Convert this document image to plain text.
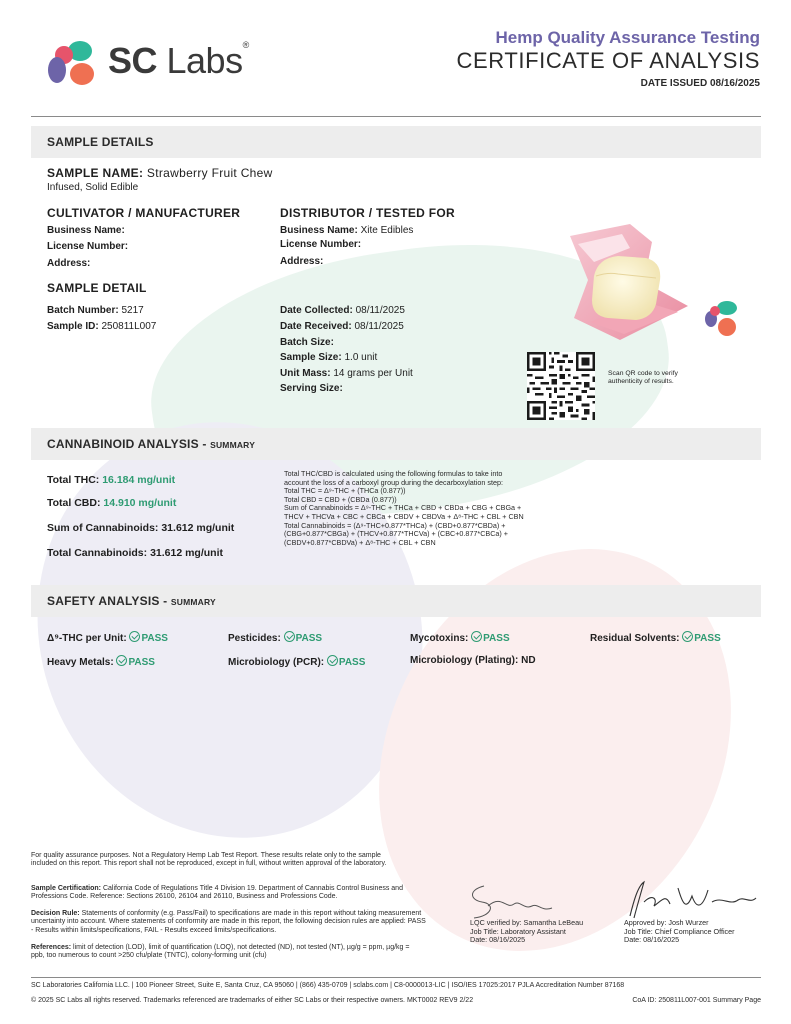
SC Labs®	Hemp Quality Assurance Testing
CERTIFICATE OF ANALYSIS
DATE ISSUED 08/16/2025
SAMPLE DETAILS
SAMPLE NAME: Strawberry Fruit Chew
Infused, Solid Edible
CULTIVATOR / MANUFACTURER
Business Name:
License Number:
Address:
DISTRIBUTOR / TESTED FOR
Business Name: Xite Edibles
License Number:
Address:
SAMPLE DETAIL
Batch Number: 5217
Sample ID: 250811L007
Date Collected: 08/11/2025
Date Received: 08/11/2025
Batch Size:
Sample Size: 1.0 unit
Unit Mass: 14 grams per Unit
Serving Size:
Scan QR code to verify authenticity of results.
CANNABINOID ANALYSIS - SUMMARY
Total THC: 16.184 mg/unit
Total CBD: 14.910 mg/unit
Sum of Cannabinoids: 31.612 mg/unit
Total Cannabinoids: 31.612 mg/unit
Total THC/CBD is calculated using the following formulas to take into
account the loss of a carboxyl group during the decarboxylation step:
Total THC = Δ⁹-THC + (THCa (0.877))
Total CBD = CBD + (CBDa (0.877))
Sum of Cannabinoids = Δ⁹-THC + THCa + CBD + CBDa + CBG + CBGa +
THCV + THCVa + CBC + CBCa + CBDV + CBDVa + Δ⁸-THC + CBL + CBN
Total Cannabinoids = (Δ⁹-THC+0.877*THCa) + (CBD+0.877*CBDa) +
(CBG+0.877*CBGa) + (THCV+0.877*THCVa) + (CBC+0.877*CBCa) +
(CBDV+0.877*CBDVa) + Δ⁸-THC + CBL + CBN
SAFETY ANALYSIS - SUMMARY
Δ⁹-THC per Unit: PASS	Pesticides: PASS	Mycotoxins: PASS	Residual Solvents: PASS
Heavy Metals: PASS	Microbiology (PCR): PASS	Microbiology (Plating): ND
For quality assurance purposes. Not a Regulatory Hemp Lab Test Report. These results relate only to the sample included on this report. This report shall not be reproduced, except in full, without written approval of the laboratory.
Sample Certification: California Code of Regulations Title 4 Division 19. Department of Cannabis Control Business and Professions Code. Reference: Sections 26100, 26104 and 26110, Business and Professions Code.
Decision Rule: Statements of conformity (e.g. Pass/Fail) to specifications are made in this report without taking measurement uncertainty into account. Where statements of conformity are made in this report, the following decision rules are applied: PASS - Results within limits/specifications, FAIL - Results exceed limits/specifications.
References: limit of detection (LOD), limit of quantification (LOQ), not detected (ND), not tested (NT), µg/g = ppm, µg/kg = ppb, too numerous to count >250 cfu/plate (TNTC), colony-forming unit (cfu)
LQC verified by: Samantha LeBeau
Job Title: Laboratory Assistant
Date: 08/16/2025
Approved by: Josh Wurzer
Job Title: Chief Compliance Officer
Date: 08/16/2025
SC Laboratories California LLC. | 100 Pioneer Street, Suite E, Santa Cruz, CA 95060 | (866) 435-0709 | sclabs.com | C8-0000013-LIC | ISO/IES 17025:2017 PJLA Accreditation Number 87168
© 2025 SC Labs all rights reserved. Trademarks referenced are trademarks of either SC Labs or their respective owners. MKT0002 REV9 2/22	CoA ID: 250811L007-001 Summary Page
